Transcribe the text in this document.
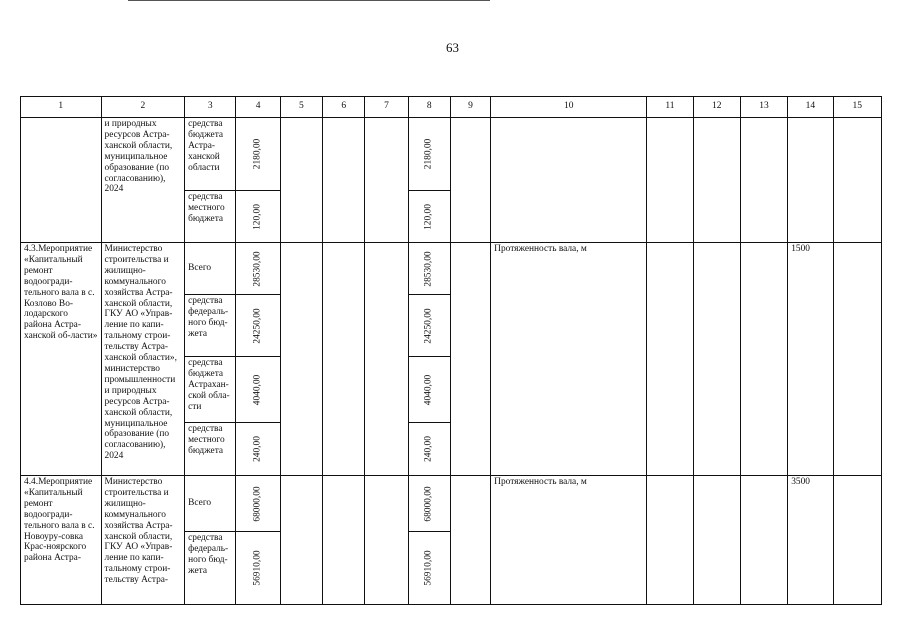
63
1	2	3	4	5	6	7	8	9	10	11	12	13	14	15
	и природных ресурсов Астра-ханской области, муниципальное образование (по согласованию), 2024	средства бюджета Астра-ханской области	2180,00				2180,00							

		средства местного бюджета	120,00				120,00							

4.3.Мероприятие «Капитальный ремонт водоогради-тельного вала в с. Козлово Во-лодарского района Астра-ханской об-ласти»	Министерство строительства и жилищно-коммунального хозяйства Астра-ханской области, ГКУ АО «Управ-ление по капи-тальному строи-тельству Астра-ханской области», министерство промышленности и природных ресурсов Астра-ханской области, муниципальное образование (по согласованию), 2024	Всего	28530,00				28530,00		Протяженность вала, м				1500	
		средства федераль-ного бюд-жета	24250,00				24250,00							

		средства бюджета Астрахан-ской обла-сти	4040,00				4040,00							

		средства местного бюджета	240,00				240,00							

4.4.Мероприятие «Капитальный ремонт водоогради-тельного вала в с. Новоуру-совка Крас-ноярского района Астра-	Министерство строительства и жилищно-коммунального хозяйства Астра-ханской области, ГКУ АО «Управ-ление по капи-тальному строи-тельству Астра-	Всего	68000,00				68000,00		Протяженность вала, м				3500	
		средства федераль-ного бюд-жета	56910,00				56910,00							
